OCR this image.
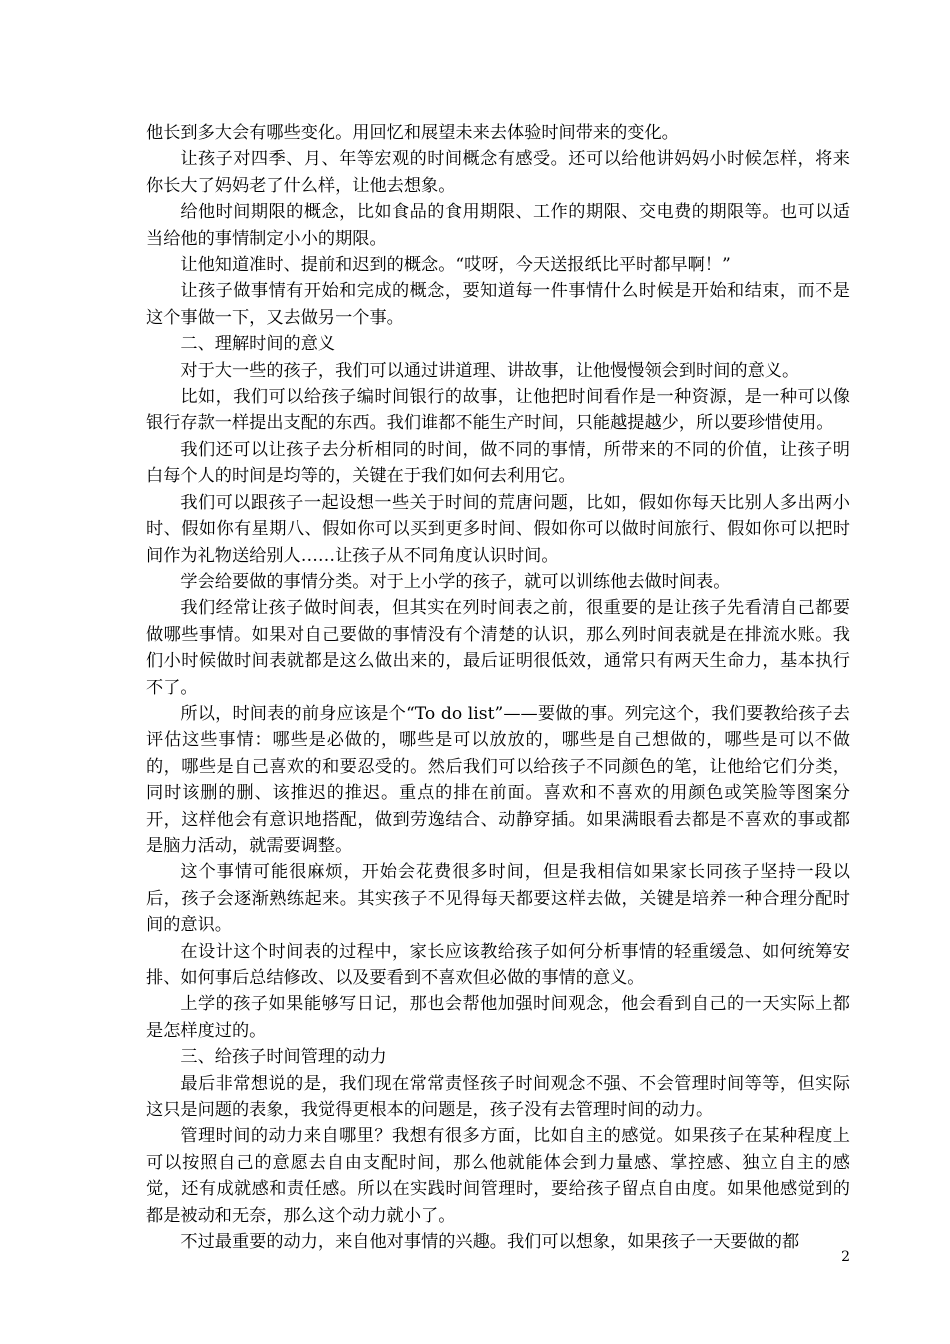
他长到多大会有哪些变化。用回忆和展望未来去体验时间带来的变化。

让孩子对四季、月、年等宏观的时间概念有感受。还可以给他讲妈妈小时候怎样，将来你长大了妈妈老了什么样，让他去想象。

给他时间期限的概念，比如食品的食用期限、工作的期限、交电费的期限等。也可以适当给他的事情制定小小的期限。

让他知道准时、提前和迟到的概念。“哎呀，今天送报纸比平时都早啊！”

让孩子做事情有开始和完成的概念，要知道每一件事情什么时候是开始和结束，而不是这个事做一下，又去做另一个事。

二、理解时间的意义

对于大一些的孩子，我们可以通过讲道理、讲故事，让他慢慢领会到时间的意义。

比如，我们可以给孩子编时间银行的故事，让他把时间看作是一种资源，是一种可以像银行存款一样提出支配的东西。我们谁都不能生产时间，只能越提越少，所以要珍惜使用。

我们还可以让孩子去分析相同的时间，做不同的事情，所带来的不同的价值，让孩子明白每个人的时间是均等的，关键在于我们如何去利用它。

我们可以跟孩子一起设想一些关于时间的荒唐问题，比如，假如你每天比别人多出两小时、假如你有星期八、假如你可以买到更多时间、假如你可以做时间旅行、假如你可以把时间作为礼物送给别人……让孩子从不同角度认识时间。

学会给要做的事情分类。对于上小学的孩子，就可以训练他去做时间表。

我们经常让孩子做时间表，但其实在列时间表之前，很重要的是让孩子先看清自己都要做哪些事情。如果对自己要做的事情没有个清楚的认识，那么列时间表就是在排流水账。我们小时候做时间表就都是这么做出来的，最后证明很低效，通常只有两天生命力，基本执行不了。

所以，时间表的前身应该是个“To do list”——要做的事。列完这个，我们要教给孩子去评估这些事情：哪些是必做的，哪些是可以放放的，哪些是自己想做的，哪些是可以不做的，哪些是自己喜欢的和要忍受的。然后我们可以给孩子不同颜色的笔，让他给它们分类，同时该删的删、该推迟的推迟。重点的排在前面。喜欢和不喜欢的用颜色或笑脸等图案分开，这样他会有意识地搭配，做到劳逸结合、动静穿插。如果满眼看去都是不喜欢的事或都是脑力活动，就需要调整。

这个事情可能很麻烦，开始会花费很多时间，但是我相信如果家长同孩子坚持一段以后，孩子会逐渐熟练起来。其实孩子不见得每天都要这样去做，关键是培养一种合理分配时间的意识。

在设计这个时间表的过程中，家长应该教给孩子如何分析事情的轻重缓急、如何统筹安排、如何事后总结修改、以及要看到不喜欢但必做的事情的意义。

上学的孩子如果能够写日记，那也会帮他加强时间观念，他会看到自己的一天实际上都是怎样度过的。

三、给孩子时间管理的动力

最后非常想说的是，我们现在常常责怪孩子时间观念不强、不会管理时间等等，但实际这只是问题的表象，我觉得更根本的问题是，孩子没有去管理时间的动力。

管理时间的动力来自哪里？我想有很多方面，比如自主的感觉。如果孩子在某种程度上可以按照自己的意愿去自由支配时间，那么他就能体会到力量感、掌控感、独立自主的感觉，还有成就感和责任感。所以在实践时间管理时，要给孩子留点自由度。如果他感觉到的都是被动和无奈，那么这个动力就小了。

不过最重要的动力，来自他对事情的兴趣。我们可以想象，如果孩子一天要做的都

2
